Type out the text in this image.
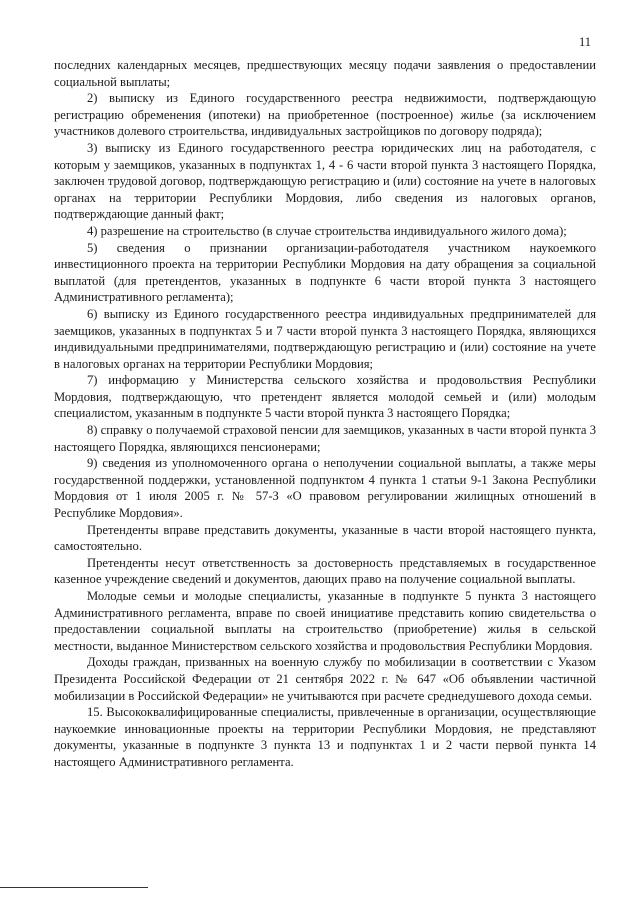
11

последних календарных месяцев, предшествующих месяцу подачи заявления о предоставлении социальной выплаты;

2) выписку из Единого государственного реестра недвижимости, подтверждающую регистрацию обременения (ипотеки) на приобретенное (построенное) жилье (за исключением участников долевого строительства, индивидуальных застройщиков по договору подряда);

3) выписку из Единого государственного реестра юридических лиц на работодателя, с которым у заемщиков, указанных в подпунктах 1, 4 - 6 части второй пункта 3 настоящего Порядка, заключен трудовой договор, подтверждающую регистрацию и (или) состояние на учете в налоговых органах на территории Республики Мордовия, либо сведения из налоговых органов, подтверждающие данный факт;

4) разрешение на строительство (в случае строительства индивидуального жилого дома);

5) сведения о признании организации-работодателя участником наукоемкого инвестиционного проекта на территории Республики Мордовия на дату обращения за социальной выплатой (для претендентов, указанных в подпункте 6 части второй пункта 3 настоящего Административного регламента);

6) выписку из Единого государственного реестра индивидуальных предпринимателей для заемщиков, указанных в подпунктах 5 и 7 части второй пункта 3 настоящего Порядка, являющихся индивидуальными предпринимателями, подтверждающую регистрацию и (или) состояние на учете в налоговых органах на территории Республики Мордовия;

7) информацию у Министерства сельского хозяйства и продовольствия Республики Мордовия, подтверждающую, что претендент является молодой семьей и (или) молодым специалистом, указанным в подпункте 5 части второй пункта 3 настоящего Порядка;

8) справку о получаемой страховой пенсии для заемщиков, указанных в части второй пункта 3 настоящего Порядка, являющихся пенсионерами;

9) сведения из уполномоченного органа о неполучении социальной выплаты, а также меры государственной поддержки, установленной подпунктом 4 пункта 1 статьи 9-1 Закона Республики Мордовия от 1 июля 2005 г. № 57-З «О правовом регулировании жилищных отношений в Республике Мордовия».

Претенденты вправе представить документы, указанные в части второй настоящего пункта, самостоятельно.

Претенденты несут ответственность за достоверность представляемых в государственное казенное учреждение сведений и документов, дающих право на получение социальной выплаты.

Молодые семьи и молодые специалисты, указанные в подпункте 5 пункта 3 настоящего Административного регламента, вправе по своей инициативе представить копию свидетельства о предоставлении социальной выплаты на строительство (приобретение) жилья в сельской местности, выданное Министерством сельского хозяйства и продовольствия Республики Мордовия.

Доходы граждан, призванных на военную службу по мобилизации в соответствии с Указом Президента Российской Федерации от 21 сентября 2022 г. № 647 «Об объявлении частичной мобилизации в Российской Федерации» не учитываются при расчете среднедушевого дохода семьи.

15. Высококвалифицированные специалисты, привлеченные в организации, осуществляющие наукоемкие инновационные проекты на территории Республики Мордовия, не представляют документы, указанные в подпункте 3 пункта 13 и подпунктах 1 и 2 части первой пункта 14 настоящего Административного регламента.
